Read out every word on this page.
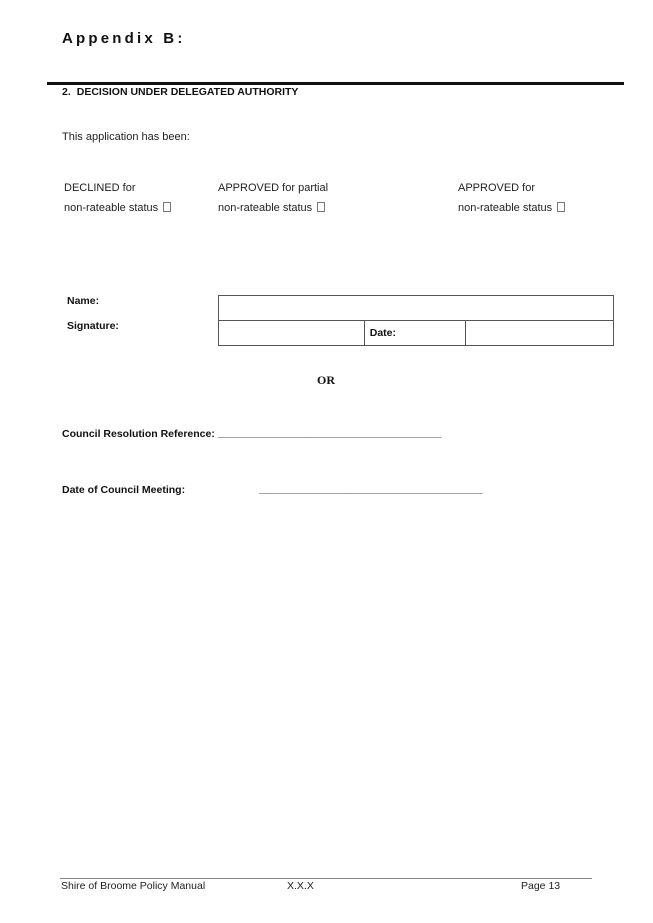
Appendix B:
2. DECISION UNDER DELEGATED AUTHORITY
This application has been:
DECLINED for
non-rateable status
APPROVED for partial
non-rateable status
APPROVED for
non-rateable status
Name:
Signature:

	Date:	
OR
Council Resolution Reference: _________________________________________
Date of Council Meeting:	_________________________________________
Shire of Broome Policy Manual	X.X.X	Page 13
